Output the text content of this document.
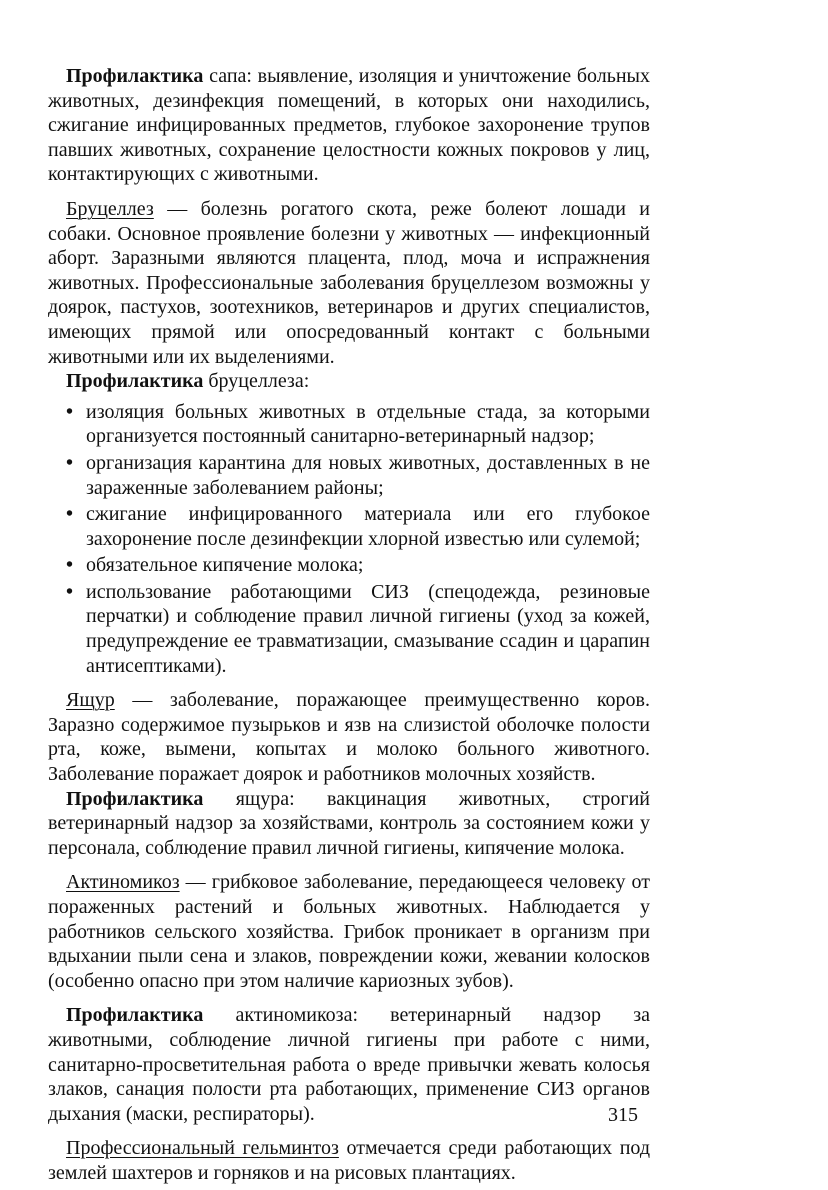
Профилактика сапа: выявление, изоляция и уничтожение больных животных, дезинфекция помещений, в которых они находились, сжигание инфицированных предметов, глубокое захоронение трупов павших животных, сохранение целостности кожных покровов у лиц, контактирующих с животными.

Бруцеллез — болезнь рогатого скота, реже болеют лошади и собаки. Основное проявление болезни у животных — инфекционный аборт. Заразными являются плацента, плод, моча и испражнения животных. Профессиональные заболевания бруцеллезом возможны у доярок, пастухов, зоотехников, ветеринаров и других специалистов, имеющих прямой или опосредованный контакт с больными животными или их выделениями.

Профилактика бруцеллеза:

• изоляция больных животных в отдельные стада, за которыми организуется постоянный санитарно-ветеринарный надзор;
• организация карантина для новых животных, доставленных в не зараженные заболеванием районы;
• сжигание инфицированного материала или его глубокое захоронение после дезинфекции хлорной известью или сулемой;
• обязательное кипячение молока;
• использование работающими СИЗ (спецодежда, резиновые перчатки) и соблюдение правил личной гигиены (уход за кожей, предупреждение ее травматизации, смазывание ссадин и царапин антисептиками).

Ящур — заболевание, поражающее преимущественно коров. Заразно содержимое пузырьков и язв на слизистой оболочке полости рта, коже, вымени, копытах и молоко больного животного. Заболевание поражает доярок и работников молочных хозяйств.

Профилактика ящура: вакцинация животных, строгий ветеринарный надзор за хозяйствами, контроль за состоянием кожи у персонала, соблюдение правил личной гигиены, кипячение молока.

Актиномикоз — грибковое заболевание, передающееся человеку от пораженных растений и больных животных. Наблюдается у работников сельского хозяйства. Грибок проникает в организм при вдыхании пыли сена и злаков, повреждении кожи, жевании колосков (особенно опасно при этом наличие кариозных зубов).

Профилактика актиномикоза: ветеринарный надзор за животными, соблюдение личной гигиены при работе с ними, санитарно-просветительная работа о вреде привычки жевать колосья злаков, санация полости рта работающих, применение СИЗ органов дыхания (маски, респираторы).

Профессиональный гельминтоз отмечается среди работающих под землей шахтеров и горняков и на рисовых плантациях.

315
